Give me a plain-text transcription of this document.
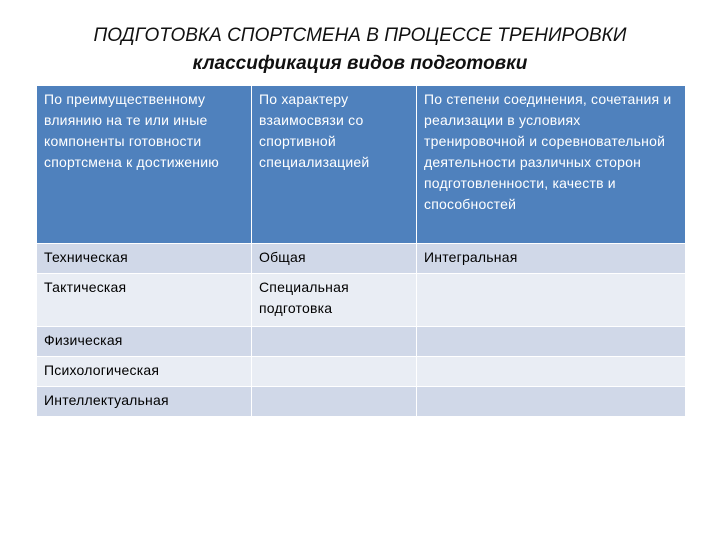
ПОДГОТОВКА СПОРТСМЕНА В ПРОЦЕССЕ ТРЕНИРОВКИ
классификация видов подготовки
По преимущественному влиянию на те или иные компоненты готовности спортсмена к достижению	По характеру взаимосвязи со спортивной специализацией	По степени соединения, сочетания и реализации в условиях тренировочной и соревновательной деятельности различных сторон подготовленности, качеств и способностей
Техническая	Общая	Интегральная
Тактическая	Специальная подготовка	
Физическая		
Психологическая		
Интеллектуальная		
